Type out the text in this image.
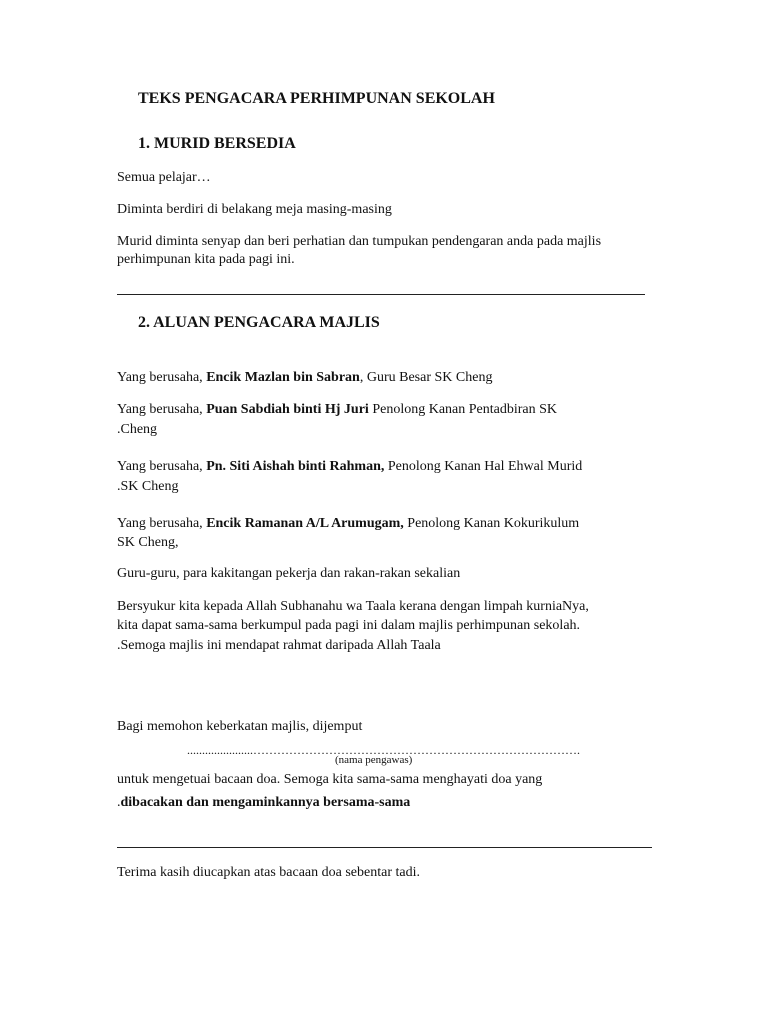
TEKS PENGACARA PERHIMPUNAN SEKOLAH
1. MURID BERSEDIA
Semua pelajar…
Diminta berdiri di belakang meja masing-masing
Murid diminta senyap dan beri perhatian dan tumpukan pendengaran anda pada majlis
perhimpunan kita pada pagi ini.
2. ALUAN PENGACARA MAJLIS
Yang berusaha, Encik Mazlan bin Sabran, Guru Besar SK Cheng
Yang berusaha, Puan Sabdiah binti Hj Juri Penolong Kanan Pentadbiran SK
.Cheng
Yang berusaha, Pn. Siti Aishah binti Rahman, Penolong Kanan Hal Ehwal Murid
.SK Cheng
Yang berusaha, Encik Ramanan A/L Arumugam, Penolong Kanan Kokurikulum
SK Cheng,
Guru-guru, para kakitangan pekerja dan rakan-rakan sekalian
Bersyukur kita kepada Allah Subhanahu wa Taala kerana dengan limpah kurniaNya,
kita dapat sama-sama berkumpul pada pagi ini dalam majlis perhimpunan sekolah.
.Semoga majlis ini mendapat rahmat daripada Allah Taala
Bagi memohon keberkatan majlis, dijemput
......................……………………………………………………………………….
(nama pengawas)
untuk mengetuai bacaan doa. Semoga kita sama-sama menghayati doa yang
.dibacakan dan mengaminkannya bersama-sama
Terima kasih diucapkan atas bacaan doa sebentar tadi.
